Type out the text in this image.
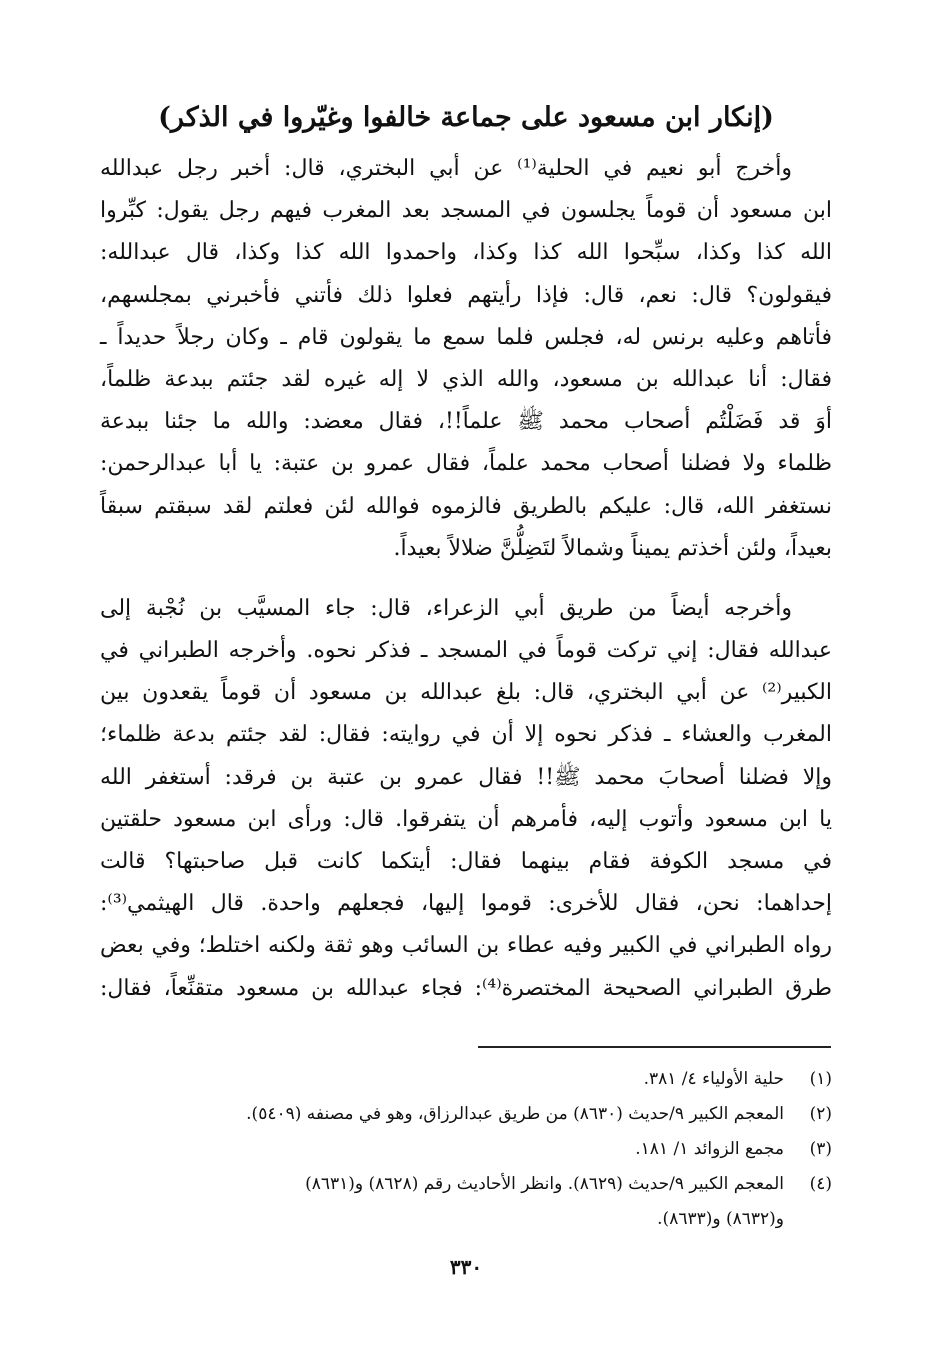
(إنكار ابن مسعود على جماعة خالفوا وغيّروا في الذكر)
وأخرج أبو نعيم في الحلية⁽¹⁾ عن أبي البختري، قال: أخبر رجل عبدالله
ابن مسعود أن قوماً يجلسون في المسجد بعد المغرب فيهم رجل يقول: كبِّروا
الله كذا وكذا، سبِّحوا الله كذا وكذا، واحمدوا الله كذا وكذا، قال عبدالله:
فيقولون؟ قال: نعم، قال: فإذا رأيتهم فعلوا ذلك فأتني فأخبرني بمجلسهم،
فأتاهم وعليه برنس له، فجلس فلما سمع ما يقولون قام ـ وكان رجلاً حديداً ـ
فقال: أنا عبدالله بن مسعود، والله الذي لا إله غيره لقد جئتم ببدعة ظلماً،
أوَ قد فَضَلْتُم أصحاب محمد ﷺ علماً!!، فقال معضد: والله ما جئنا ببدعة
ظلماء ولا فضلنا أصحاب محمد علماً، فقال عمرو بن عتبة: يا أبا عبدالرحمن:
نستغفر الله، قال: عليكم بالطريق فالزموه فوالله لئن فعلتم لقد سبقتم سبقاً
بعيداً، ولئن أخذتم يميناً وشمالاً لتَضِلُّنَّ ضلالاً بعيداً.
وأخرجه أيضاً من طريق أبي الزعراء، قال: جاء المسيَّب بن نُجْبة إلى
عبدالله فقال: إني تركت قوماً في المسجد ـ فذكر نحوه. وأخرجه الطبراني في
الكبير⁽²⁾ عن أبي البختري، قال: بلغ عبدالله بن مسعود أن قوماً يقعدون بين
المغرب والعشاء ـ فذكر نحوه إلا أن في روايته: فقال: لقد جئتم بدعة ظلماء؛
وإلا فضلنا أصحابَ محمد ﷺ!! فقال عمرو بن عتبة بن فرقد: أستغفر الله
يا ابن مسعود وأتوب إليه، فأمرهم أن يتفرقوا. قال: ورأى ابن مسعود حلقتين
في مسجد الكوفة فقام بينهما فقال: أيتكما كانت قبل صاحبتها؟ قالت
إحداهما: نحن، فقال للأخرى: قوموا إليها، فجعلهم واحدة. قال الهيثمي⁽³⁾:
رواه الطبراني في الكبير وفيه عطاء بن السائب وهو ثقة ولكنه اختلط؛ وفي بعض
طرق الطبراني الصحيحة المختصرة⁽⁴⁾: فجاء عبدالله بن مسعود متقنِّعاً، فقال:
(١)
حلية الأولياء ٤/ ٣٨١.
(٢)
المعجم الكبير ٩/حديث (٨٦٣٠) من طريق عبدالرزاق، وهو في مصنفه (٥٤٠٩).
(٣)
مجمع الزوائد ١/ ١٨١.
(٤)
المعجم الكبير ٩/حديث (٨٦٢٩). وانظر الأحاديث رقم (٨٦٢٨) و(٨٦٣١)
و(٨٦٣٢) و(٨٦٣٣).
٣٣٠
